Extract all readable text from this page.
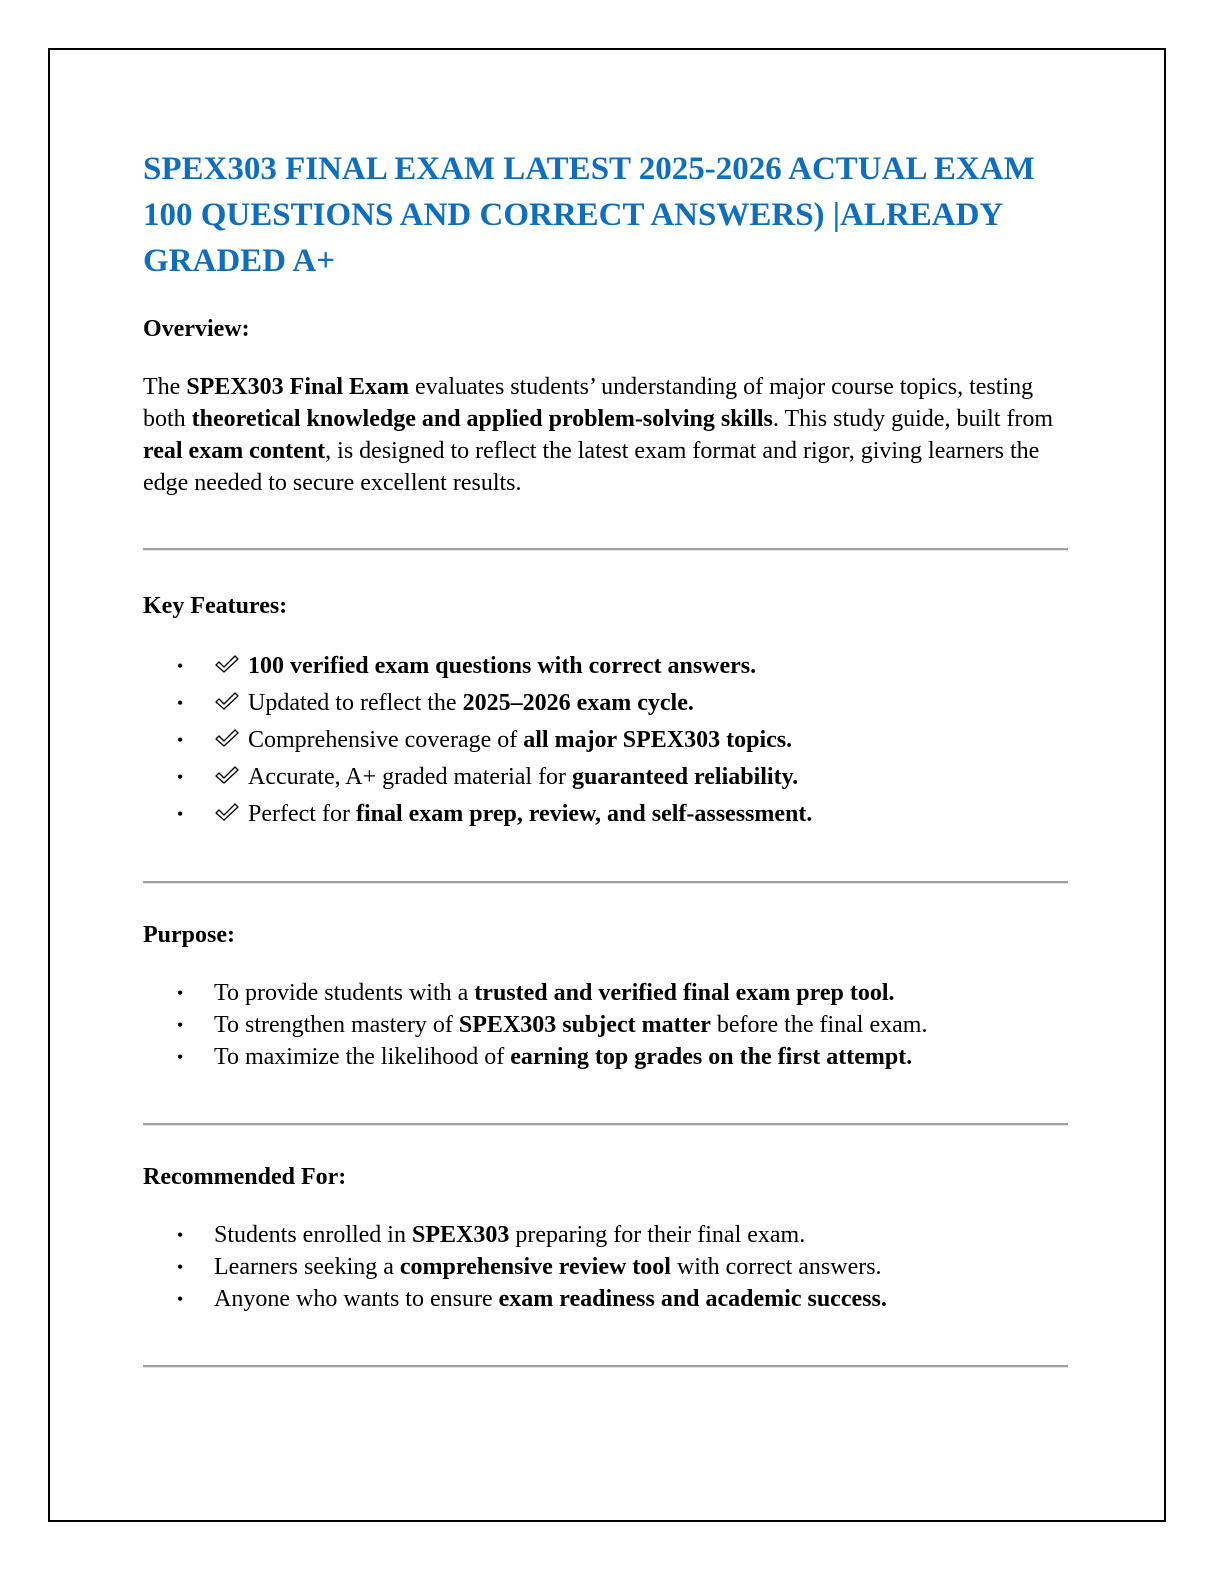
SPEX303 FINAL EXAM LATEST 2025-2026 ACTUAL EXAM 100 QUESTIONS AND CORRECT ANSWERS) |ALREADY GRADED A+
Overview:

The SPEX303 Final Exam evaluates students’ understanding of major course topics, testing both theoretical knowledge and applied problem-solving skills. This study guide, built from real exam content, is designed to reflect the latest exam format and rigor, giving learners the edge needed to secure excellent results.

Key Features:
•	100 verified exam questions with correct answers.
•	Updated to reflect the 2025–2026 exam cycle.
•	Comprehensive coverage of all major SPEX303 topics.
•	Accurate, A+ graded material for guaranteed reliability.
•	Perfect for final exam prep, review, and self-assessment.
Purpose:
• To provide students with a trusted and verified final exam prep tool.
• To strengthen mastery of SPEX303 subject matter before the final exam.
• To maximize the likelihood of earning top grades on the first attempt.
Recommended For:
• Students enrolled in SPEX303 preparing for their final exam.
• Learners seeking a comprehensive review tool with correct answers.
• Anyone who wants to ensure exam readiness and academic success.
